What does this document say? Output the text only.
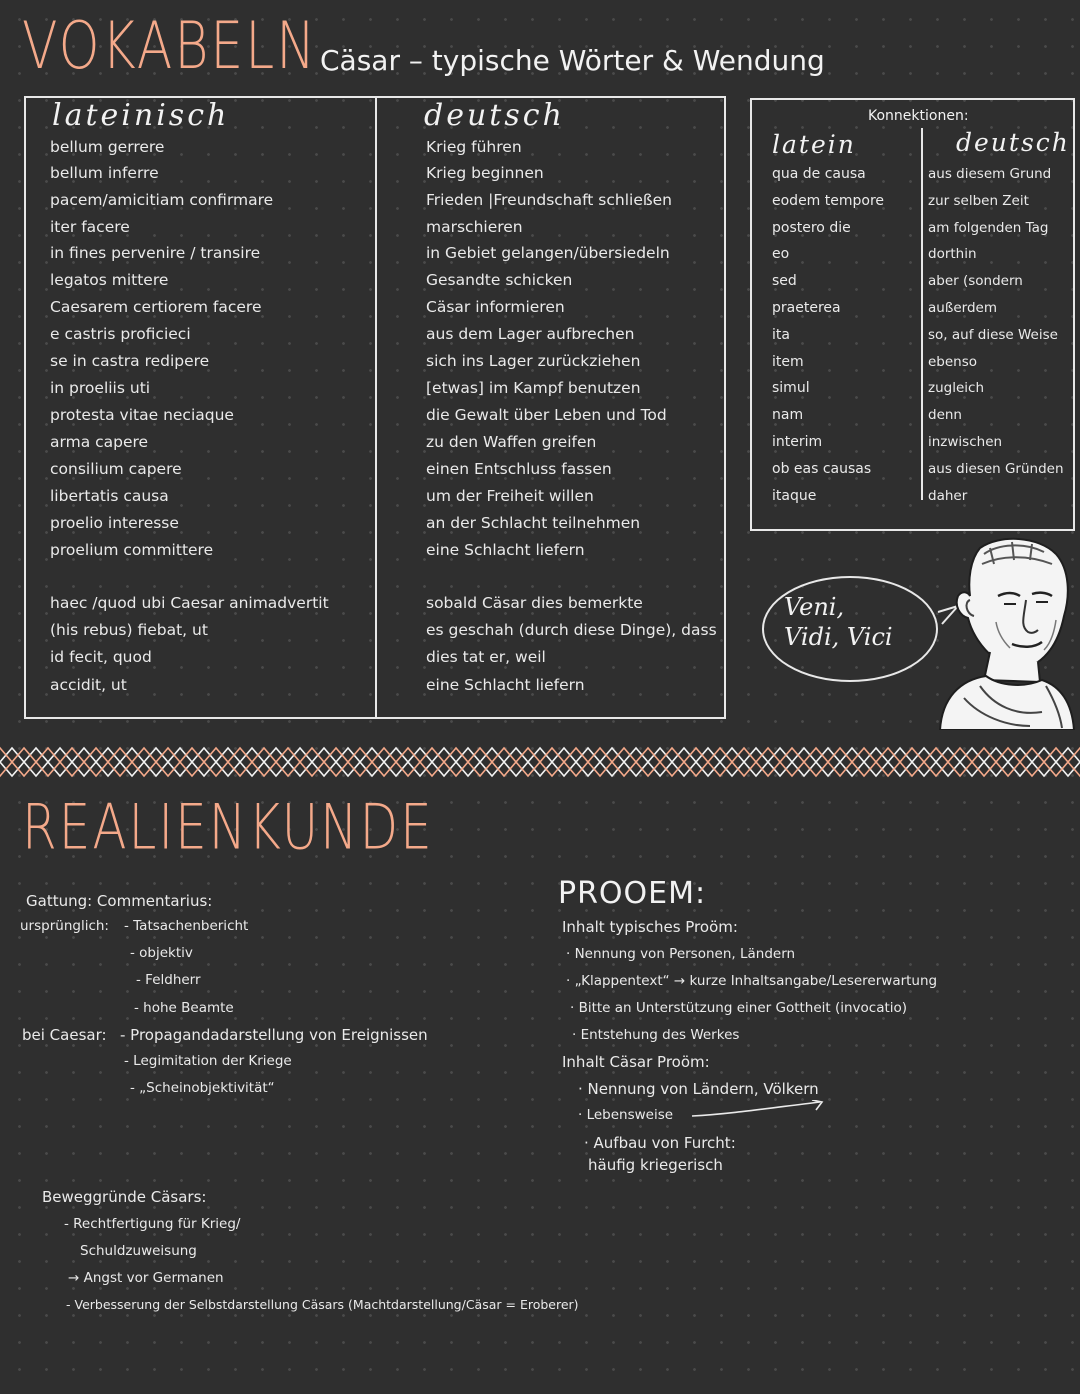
VOKABELN Cäsar – typische Wörter & Wendung
lateinisch	deutsch
bellum gerrere	Krieg führen
bellum inferre	Krieg beginnen
pacem/amicitiam confirmare	Frieden |Freundschaft schließen
iter facere	marschieren
in fines pervenire / transire	in Gebiet gelangen/übersiedeln
legatos mittere	Gesandte schicken
Caesarem certiorem facere	Cäsar informieren
e castris proficieci	aus dem Lager aufbrechen
se in castra redipere	sich ins Lager zurückziehen
in proeliis uti	[etwas] im Kampf benutzen
protesta vitae neciaque	die Gewalt über Leben und Tod
arma capere	zu den Waffen greifen
consilium capere	einen Entschluss fassen
libertatis causa	um der Freiheit willen
proelio interesse	an der Schlacht teilnehmen
proelium committere	eine Schlacht liefern
haec /quod ubi Caesar animadvertit	sobald Cäsar dies bemerkte
(his rebus) fiebat, ut	es geschah (durch diese Dinge), dass
id fecit, quod	dies tat er, weil
accidit, ut	eine Schlacht liefern
Konnektionen:
latein	deutsch
qua de causa	aus diesem Grund
eodem tempore	zur selben Zeit
postero die	am folgenden Tag
eo	dorthin
sed	aber (sondern
praeterea	außerdem
ita	so, auf diese Weise
item	ebenso
simul	zugleich
nam	denn
interim	inzwischen
ob eas causas	aus diesen Gründen
itaque	daher
Veni,
Vidi, Vici
REALIENKUNDE
Gattung: Commentarius:
ursprünglich: - Tatsachenbericht
- objektiv
- Feldherr
- hohe Beamte
bei Caesar: - Propagandadarstellung von Ereignissen
- Legimitation der Kriege
- „Scheinobjektivität“
Beweggründe Cäsars:
- Rechtfertigung für Krieg/
Schuldzuweisung
→ Angst vor Germanen
- Verbesserung der Selbstdarstellung Cäsars (Machtdarstellung/Cäsar = Eroberer)
PROOEM:
Inhalt typisches Proöm:
· Nennung von Personen, Ländern
· „Klappentext“ → kurze Inhaltsangabe/Lesererwartung
· Bitte an Unterstützung einer Gottheit (invocatio)
· Entstehung des Werkes
Inhalt Cäsar Proöm:
· Nennung von Ländern, Völkern
· Lebensweise
· Aufbau von Furcht:
häufig kriegerisch
